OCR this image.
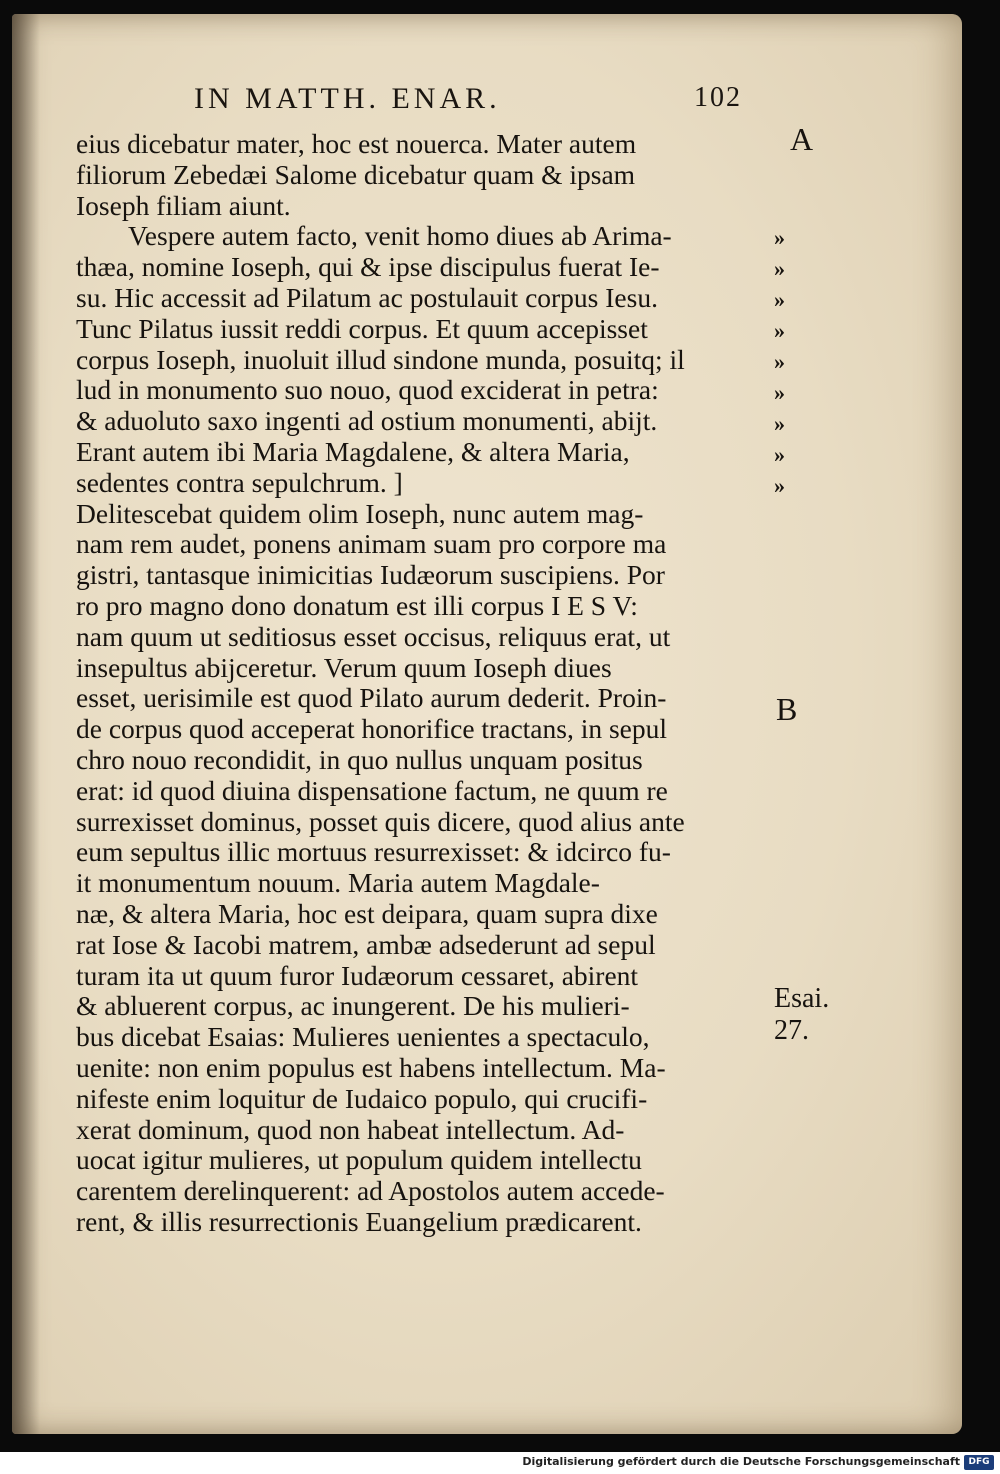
IN MATTH. ENAR.	102
eius dicebatur mater, hoc est nouerca. Mater autem
filiorum Zebedæi Salome dicebatur quam & ipsam
Ioseph filiam aiunt.
Vespere autem facto, venit homo diues ab Arima-
thæa, nomine Ioseph, qui & ipse discipulus fuerat Ie-
su. Hic accessit ad Pilatum ac postulauit corpus Iesu.
Tunc Pilatus iussit reddi corpus. Et quum accepisset
corpus Ioseph, inuoluit illud sindone munda, posuitq; il
lud in monumento suo nouo, quod exciderat in petra:
& aduoluto saxo ingenti ad ostium monumenti, abijt.
Erant autem ibi Maria Magdalene, & altera Maria,
sedentes contra sepulchrum. ]
Delitescebat quidem olim Ioseph, nunc autem mag-
nam rem audet, ponens animam suam pro corpore ma
gistri, tantasque inimicitias Iudæorum suscipiens. Por
ro pro magno dono donatum est illi corpus I E S V:
nam quum ut seditiosus esset occisus, reliquus erat, ut
insepultus abijceretur. Verum quum Ioseph diues
esset, uerisimile est quod Pilato aurum dederit. Proin-
de corpus quod acceperat honorifice tractans, in sepul
chro nouo recondidit, in quo nullus unquam positus
erat: id quod diuina dispensatione factum, ne quum re
surrexisset dominus, posset quis dicere, quod alius ante
eum sepultus illic mortuus resurrexisset: & idcirco fu-
it monumentum nouum. Maria autem Magdale-
næ, & altera Maria, hoc est deipara, quam supra dixe
rat Iose & Iacobi matrem, ambæ adsederunt ad sepul
turam ita ut quum furor Iudæorum cessaret, abirent
& abluerent corpus, ac inungerent. De his mulieri-
bus dicebat Esaias: Mulieres uenientes a spectaculo,
uenite: non enim populus est habens intellectum. Ma-
nifeste enim loquitur de Iudaico populo, qui crucifi-
xerat dominum, quod non habeat intellectum. Ad-
uocat igitur mulieres, ut populum quidem intellectu
carentem derelinquerent: ad Apostolos autem accede-
rent, & illis resurrectionis Euangelium prædicarent.
A
»
»
»
»
»
»
»
»
»
B
Esai.
27.
Digitalisierung gefördert durch die Deutsche Forschungsgemeinschaft DFG
